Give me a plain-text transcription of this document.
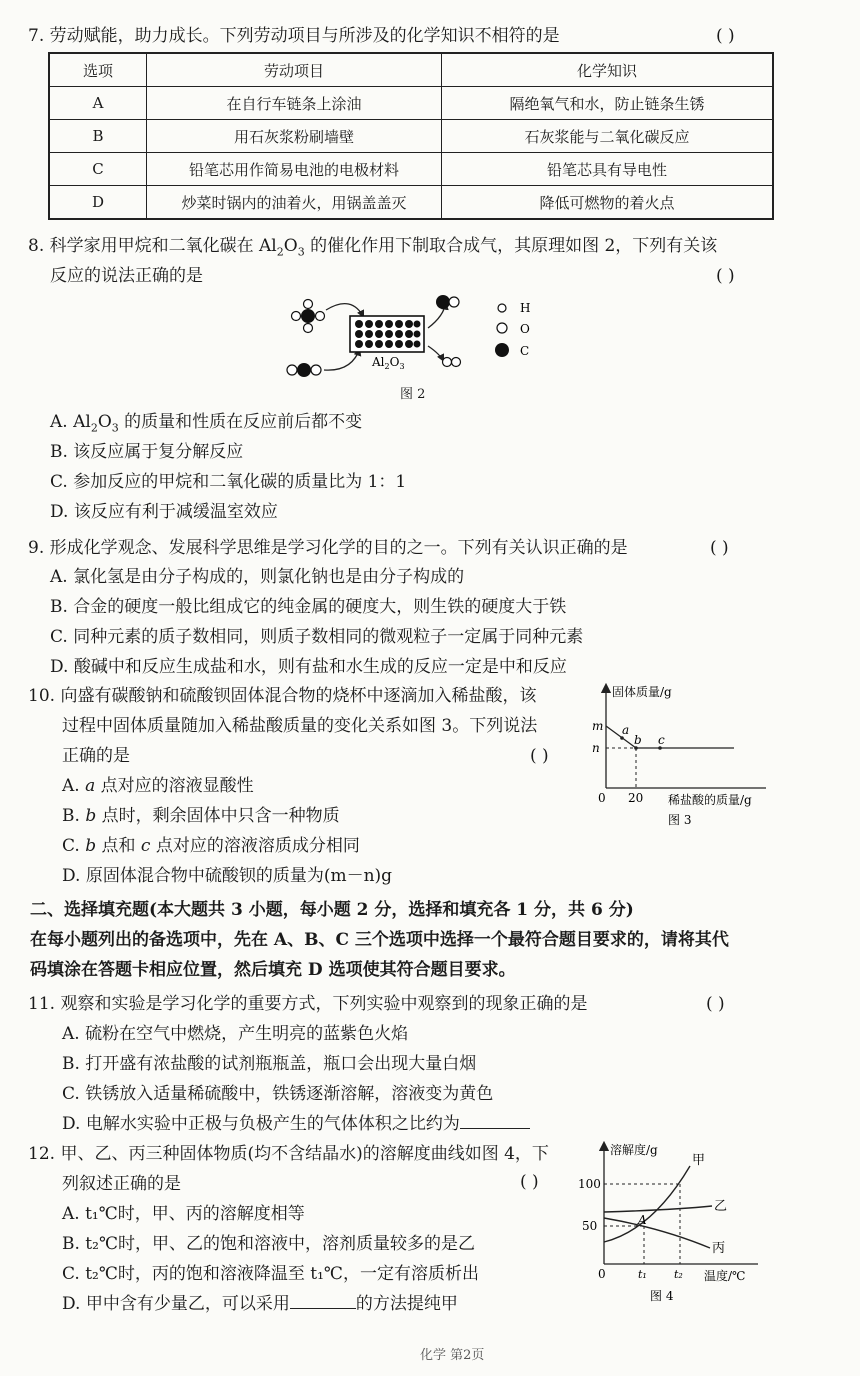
7. 劳动赋能，助力成长。下列劳动项目与所涉及的化学知识不相符的是	( )
选项	劳动项目	化学知识
A	在自行车链条上涂油	隔绝氧气和水，防止链条生锈
B	用石灰浆粉刷墙壁	石灰浆能与二氧化碳反应
C	铅笔芯用作简易电池的电极材料	铅笔芯具有导电性
D	炒菜时锅内的油着火，用锅盖盖灭	降低可燃物的着火点
8. 科学家用甲烷和二氧化碳在 $Al_2O_3$ 的催化作用下制取合成气，其原理如图 2，下列有关该
反应的说法正确的是	( )
$Al_2O_3$
H
O
C
图 2
A. $Al_2O_3$ 的质量和性质在反应前后都不变
B. 该反应属于复分解反应
C. 参加反应的甲烷和二氧化碳的质量比为 1：1
D. 该反应有利于减缓温室效应
9. 形成化学观念、发展科学思维是学习化学的目的之一。下列有关认识正确的是	( )
A. 氯化氢是由分子构成的，则氯化钠也是由分子构成的
B. 合金的硬度一般比组成它的纯金属的硬度大，则生铁的硬度大于铁
C. 同种元素的质子数相同，则质子数相同的微观粒子一定属于同种元素
D. 酸碱中和反应生成盐和水，则有盐和水生成的反应一定是中和反应
10. 向盛有碳酸钠和硫酸钡固体混合物的烧杯中逐滴加入稀盐酸，该
过程中固体质量随加入稀盐酸质量的变化关系如图 3。下列说法
正确的是	( )
A. a 点对应的溶液显酸性
B. b 点时，剩余固体中只含一种物质
C. b 点和 c 点对应的溶液溶质成分相同
D. 原固体混合物中硫酸钡的质量为(m－n)g
固体质量/g
m
n
a
b c
0 20 稀盐酸的质量/g
图 3
二、选择填充题(本大题共 3 小题，每小题 2 分，选择和填充各 1 分，共 6 分)
在每小题列出的备选项中，先在 A、B、C 三个选项中选择一个最符合题目要求的，请将其代
码填涂在答题卡相应位置，然后填充 D 选项使其符合题目要求。
11. 观察和实验是学习化学的重要方式，下列实验中观察到的现象正确的是	( )
A. 硫粉在空气中燃烧，产生明亮的蓝紫色火焰
B. 打开盛有浓盐酸的试剂瓶瓶盖，瓶口会出现大量白烟
C. 铁锈放入适量稀硫酸中，铁锈逐渐溶解，溶液变为黄色
D. 电解水实验中正极与负极产生的气体体积之比约为
12. 甲、乙、丙三种固体物质(均不含结晶水)的溶解度曲线如图 4，下
列叙述正确的是	( )
A. t₁℃时，甲、丙的溶解度相等
B. t₂℃时，甲、乙的饱和溶液中，溶剂质量较多的是乙
C. t₂℃时，丙的饱和溶液降温至 t₁℃，一定有溶质析出
D. 甲中含有少量乙，可以采用	的方法提纯甲
溶解度/g
100
50
0
甲
乙
丙
A
t₁ t₂ 温度/℃
图 4
化学 第2页
